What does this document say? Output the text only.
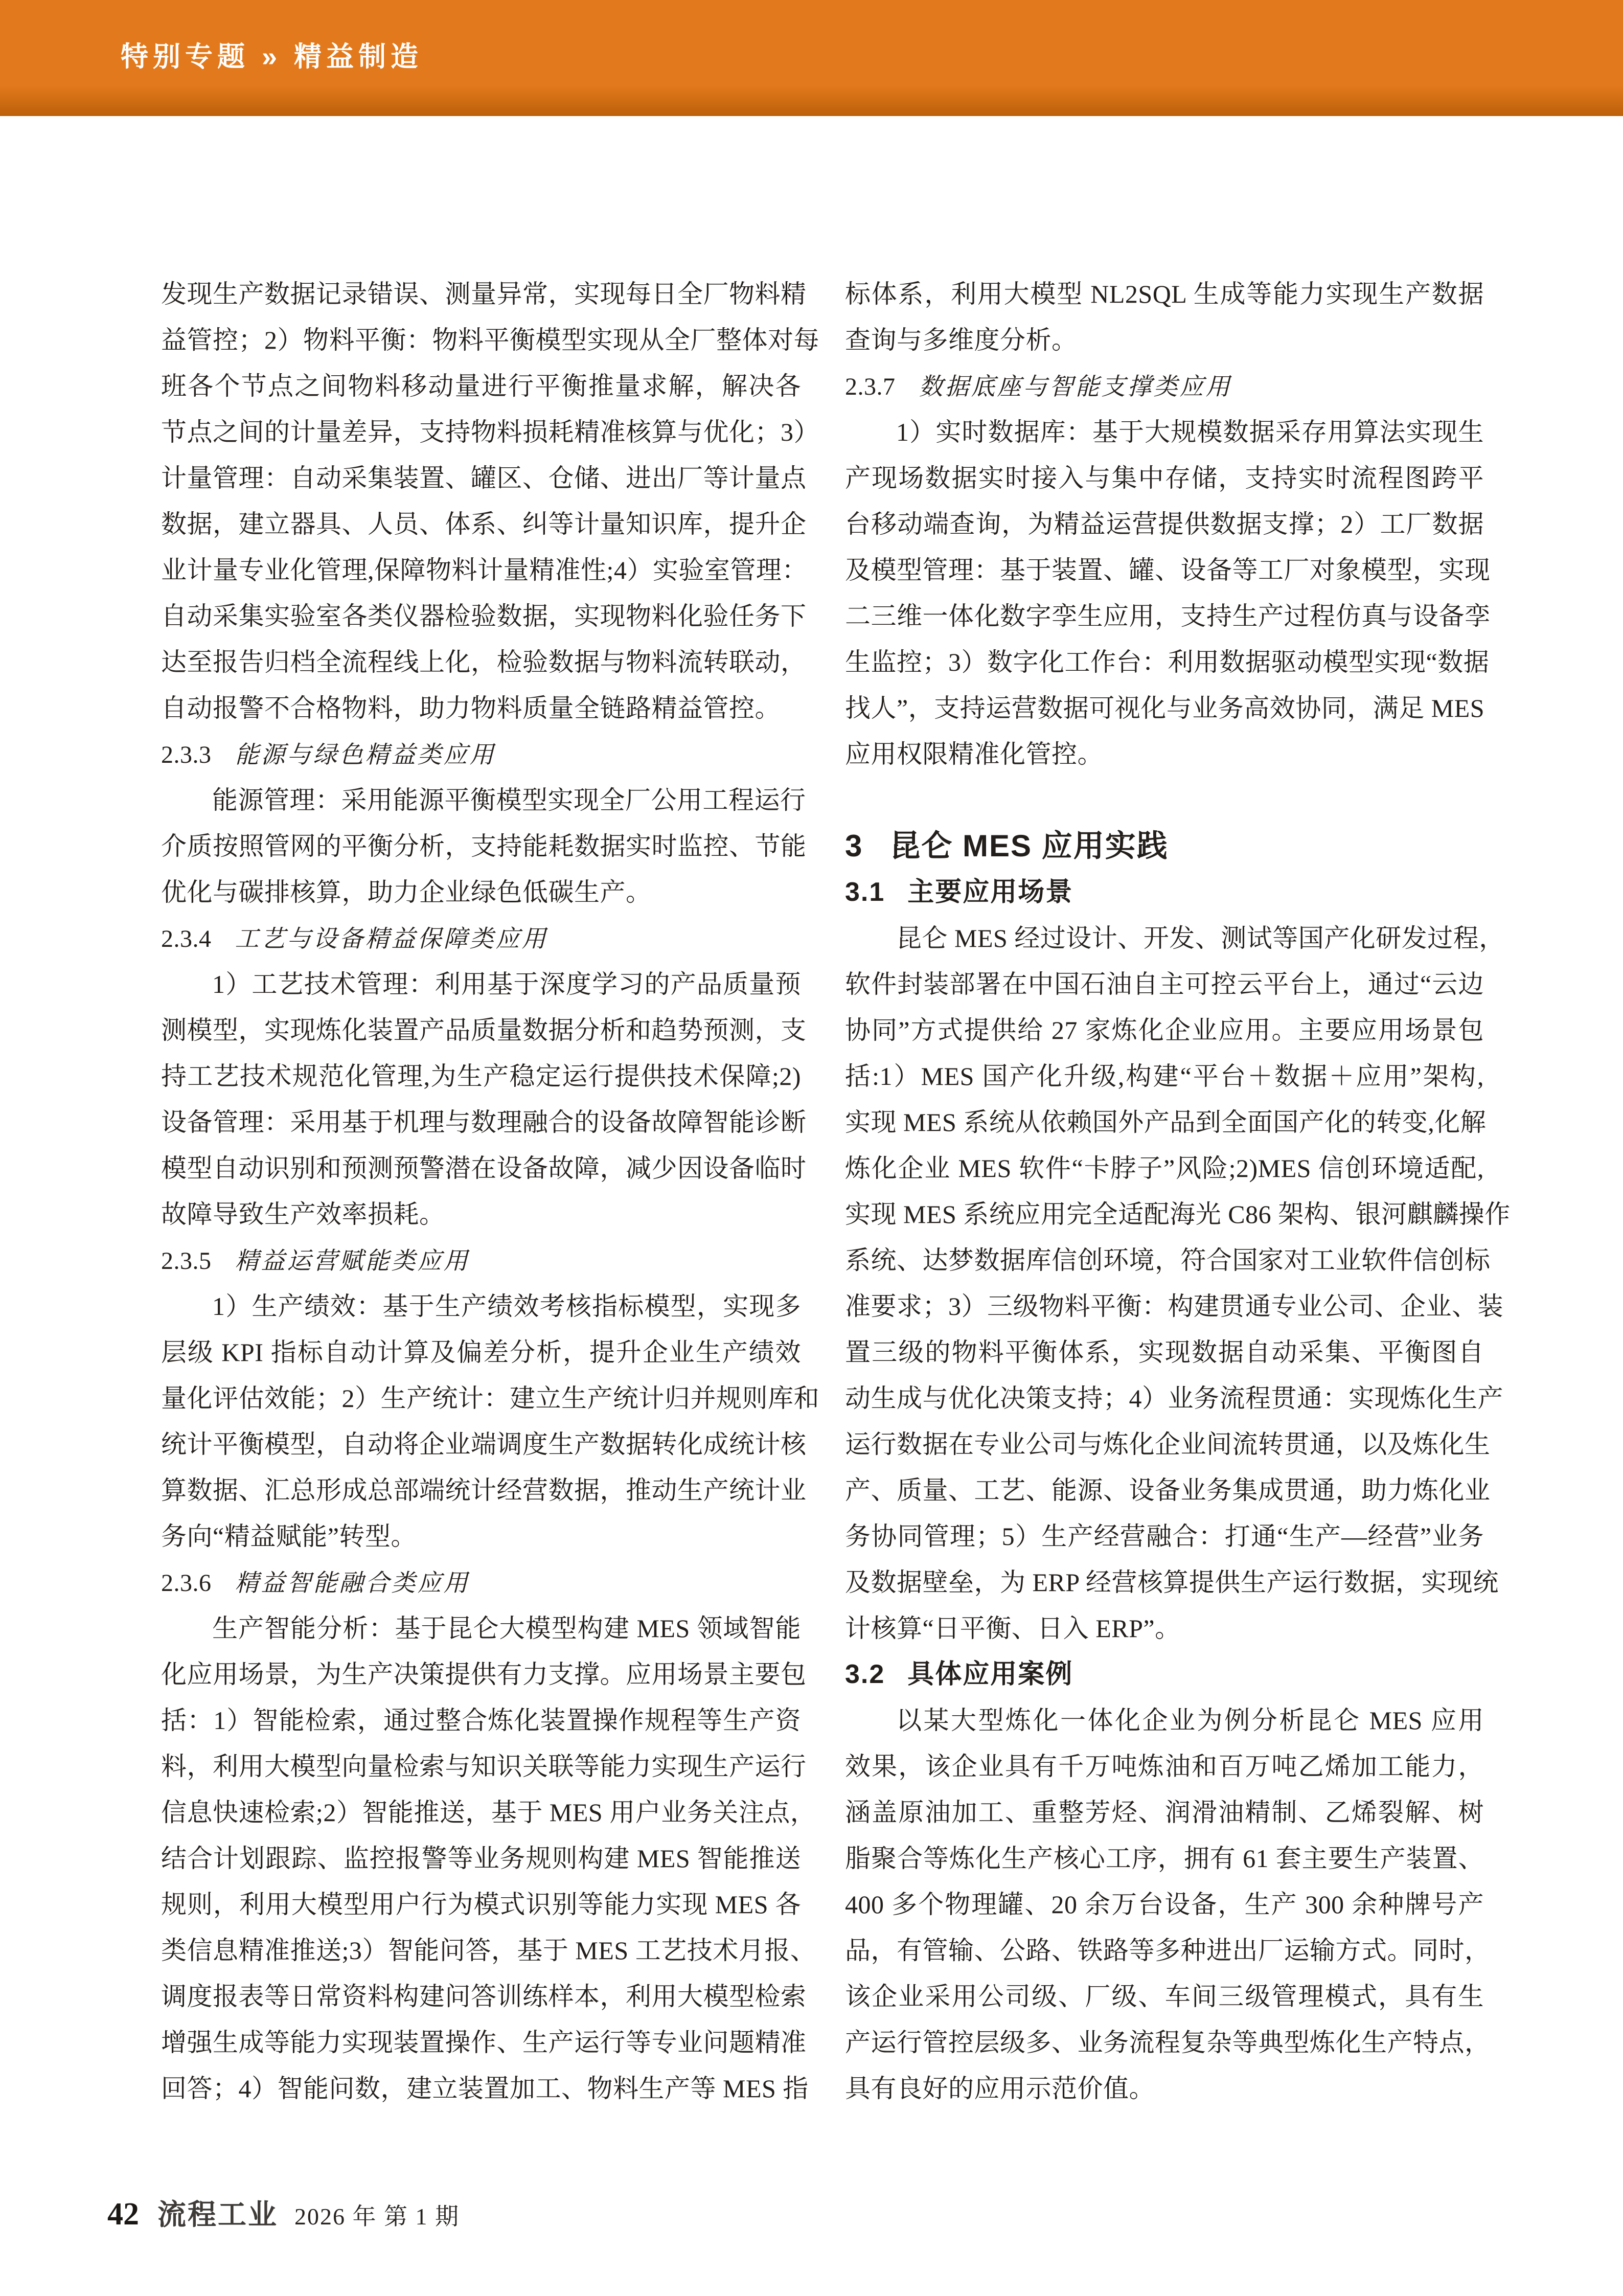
特别专题 » 精益制造
发现生产数据记录错误、测量异常，实现每日全厂物料精
益管控；2）物料平衡：物料平衡模型实现从全厂整体对每
班各个节点之间物料移动量进行平衡推量求解，解决各
节点之间的计量差异，支持物料损耗精准核算与优化；3）
计量管理：自动采集装置、罐区、仓储、进出厂等计量点
数据，建立器具、人员、体系、纠等计量知识库，提升企
业计量专业化管理,保障物料计量精准性;4）实验室管理：
自动采集实验室各类仪器检验数据，实现物料化验任务下
达至报告归档全流程线上化，检验数据与物料流转联动，
自动报警不合格物料，助力物料质量全链路精益管控。
2.3.3 能源与绿色精益类应用
能源管理：采用能源平衡模型实现全厂公用工程运行
介质按照管网的平衡分析，支持能耗数据实时监控、节能
优化与碳排核算，助力企业绿色低碳生产。
2.3.4 工艺与设备精益保障类应用
1）工艺技术管理：利用基于深度学习的产品质量预
测模型，实现炼化装置产品质量数据分析和趋势预测，支
持工艺技术规范化管理,为生产稳定运行提供技术保障;2)
设备管理：采用基于机理与数理融合的设备故障智能诊断
模型自动识别和预测预警潜在设备故障，减少因设备临时
故障导致生产效率损耗。
2.3.5 精益运营赋能类应用
1）生产绩效：基于生产绩效考核指标模型，实现多
层级 KPI 指标自动计算及偏差分析，提升企业生产绩效
量化评估效能；2）生产统计：建立生产统计归并规则库和
统计平衡模型，自动将企业端调度生产数据转化成统计核
算数据、汇总形成总部端统计经营数据，推动生产统计业
务向“精益赋能”转型。
2.3.6 精益智能融合类应用
生产智能分析：基于昆仑大模型构建 MES 领域智能
化应用场景，为生产决策提供有力支撑。应用场景主要包
括：1）智能检索，通过整合炼化装置操作规程等生产资
料，利用大模型向量检索与知识关联等能力实现生产运行
信息快速检索;2）智能推送，基于 MES 用户业务关注点，
结合计划跟踪、监控报警等业务规则构建 MES 智能推送
规则，利用大模型用户行为模式识别等能力实现 MES 各
类信息精准推送;3）智能问答，基于 MES 工艺技术月报、
调度报表等日常资料构建问答训练样本，利用大模型检索
增强生成等能力实现装置操作、生产运行等专业问题精准
回答；4）智能问数，建立装置加工、物料生产等 MES 指
标体系，利用大模型 NL2SQL 生成等能力实现生产数据
查询与多维度分析。
2.3.7 数据底座与智能支撑类应用
1）实时数据库：基于大规模数据采存用算法实现生
产现场数据实时接入与集中存储，支持实时流程图跨平
台移动端查询，为精益运营提供数据支撑；2）工厂数据
及模型管理：基于装置、罐、设备等工厂对象模型，实现
二三维一体化数字孪生应用，支持生产过程仿真与设备孪
生监控；3）数字化工作台：利用数据驱动模型实现“数据
找人”，支持运营数据可视化与业务高效协同，满足 MES
应用权限精准化管控。
3 昆仑 MES 应用实践
3.1 主要应用场景
昆仑 MES 经过设计、开发、测试等国产化研发过程，
软件封装部署在中国石油自主可控云平台上，通过“云边
协同”方式提供给 27 家炼化企业应用。主要应用场景包
括:1）MES 国产化升级,构建“平台＋数据＋应用”架构,
实现 MES 系统从依赖国外产品到全面国产化的转变,化解
炼化企业 MES 软件“卡脖子”风险;2)MES 信创环境适配,
实现 MES 系统应用完全适配海光 C86 架构、银河麒麟操作
系统、达梦数据库信创环境，符合国家对工业软件信创标
准要求；3）三级物料平衡：构建贯通专业公司、企业、装
置三级的物料平衡体系，实现数据自动采集、平衡图自
动生成与优化决策支持；4）业务流程贯通：实现炼化生产
运行数据在专业公司与炼化企业间流转贯通，以及炼化生
产、质量、工艺、能源、设备业务集成贯通，助力炼化业
务协同管理；5）生产经营融合：打通“生产—经营”业务
及数据壁垒，为 ERP 经营核算提供生产运行数据，实现统
计核算“日平衡、日入 ERP”。
3.2 具体应用案例
以某大型炼化一体化企业为例分析昆仑 MES 应用
效果，该企业具有千万吨炼油和百万吨乙烯加工能力，
涵盖原油加工、重整芳烃、润滑油精制、乙烯裂解、树
脂聚合等炼化生产核心工序，拥有 61 套主要生产装置、
400 多个物理罐、20 余万台设备，生产 300 余种牌号产
品，有管输、公路、铁路等多种进出厂运输方式。同时，
该企业采用公司级、厂级、车间三级管理模式，具有生
产运行管控层级多、业务流程复杂等典型炼化生产特点，
具有良好的应用示范价值。
42 流程工业 2026 年 第 1 期
